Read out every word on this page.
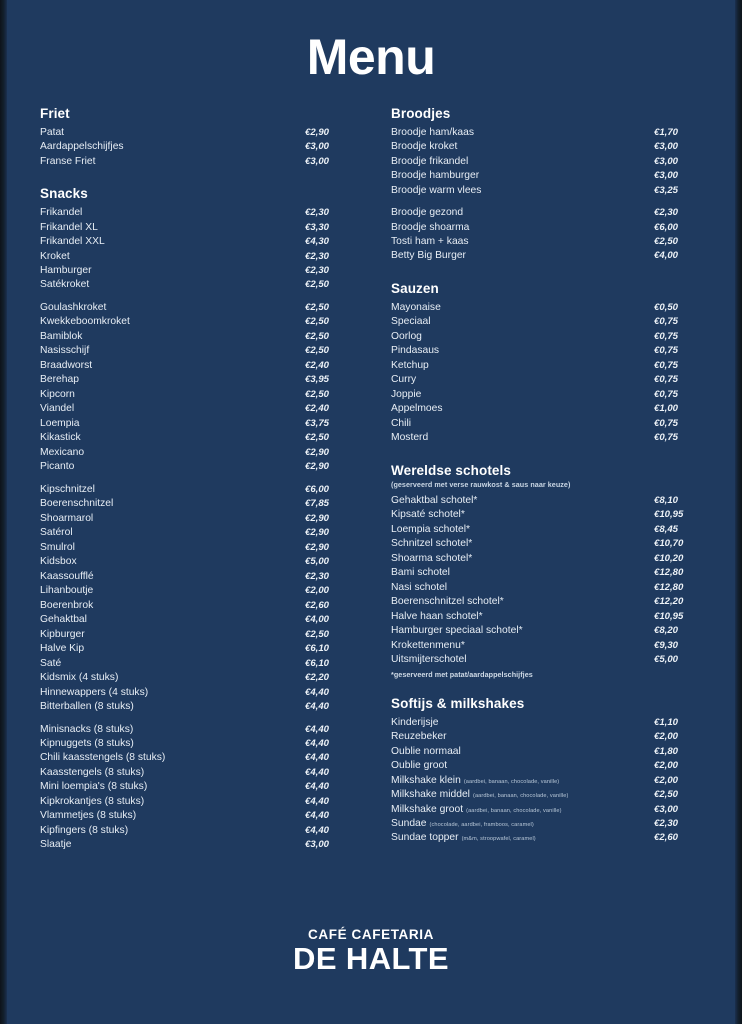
Menu
Friet
Patat	€2,90
Aardappelschijfjes	€3,00
Franse Friet	€3,00
Snacks
Frikandel	€2,30
Frikandel XL	€3,30
Frikandel XXL	€4,30
Kroket	€2,30
Hamburger	€2,30
Satékroket	€2,50
Goulashkroket	€2,50
Kwekkeboomkroket	€2,50
Bamiblok	€2,50
Nasisschijf	€2,50
Braadworst	€2,40
Berehap	€3,95
Kipcorn	€2,50
Viandel	€2,40
Loempia	€3,75
Kikastick	€2,50
Mexicano	€2,90
Picanto	€2,90
Kipschnitzel	€6,00
Boerenschnitzel	€7,85
Shoarmarol	€2,90
Satérol	€2,90
Smulrol	€2,90
Kidsbox	€5,00
Kaassoufflé	€2,30
Lihanboutje	€2,00
Boerenbrok	€2,60
Gehaktbal	€4,00
Kipburger	€2,50
Halve Kip	€6,10
Saté	€6,10
Kidsmix (4 stuks)	€2,20
Hinnewappers (4 stuks)	€4,40
Bitterballen (8 stuks)	€4,40
Minisnacks (8 stuks)	€4,40
Kipnuggets (8 stuks)	€4,40
Chili kaasstengels (8 stuks)	€4,40
Kaasstengels (8 stuks)	€4,40
Mini loempia's (8 stuks)	€4,40
Kipkrokantjes (8 stuks)	€4,40
Vlammetjes (8 stuks)	€4,40
Kipfingers (8 stuks)	€4,40
Slaatje	€3,00
Broodjes
Broodje ham/kaas	€1,70
Broodje kroket	€3,00
Broodje frikandel	€3,00
Broodje hamburger	€3,00
Broodje warm vlees	€3,25
Broodje gezond	€2,30
Broodje shoarma	€6,00
Tosti ham + kaas	€2,50
Betty Big Burger	€4,00
Sauzen
Mayonaise	€0,50
Speciaal	€0,75
Oorlog	€0,75
Pindasaus	€0,75
Ketchup	€0,75
Curry	€0,75
Joppie	€0,75
Appelmoes	€1,00
Chili	€0,75
Mosterd	€0,75
Wereldse schotels
(geserveerd met verse rauwkost & saus naar keuze)
Gehaktbal schotel*	€8,10
Kipsaté schotel*	€10,95
Loempia schotel*	€8,45
Schnitzel schotel*	€10,70
Shoarma schotel*	€10,20
Bami schotel	€12,80
Nasi schotel	€12,80
Boerenschnitzel schotel*	€12,20
Halve haan schotel*	€10,95
Hamburger speciaal schotel*	€8,20
Krokettenmenu*	€9,30
Uitsmijterschotel	€5,00
*geserveerd met patat/aardappelschijfjes
Softijs & milkshakes
Kinderijsje	€1,10
Reuzebeker	€2,00
Oublie normaal	€1,80
Oublie groot	€2,00
Milkshake klein (aardbei, banaan, chocolade, vanille)	€2,00
Milkshake middel (aardbei, banaan, chocolade, vanille)	€2,50
Milkshake groot (aardbei, banaan, chocolade, vanille)	€3,00
Sundae (chocolade, aardbei, framboos, caramel)	€2,30
Sundae topper (m&m, stroopwafel, caramel)	€2,60
CAFÉ CAFETARIA
DE HALTE
